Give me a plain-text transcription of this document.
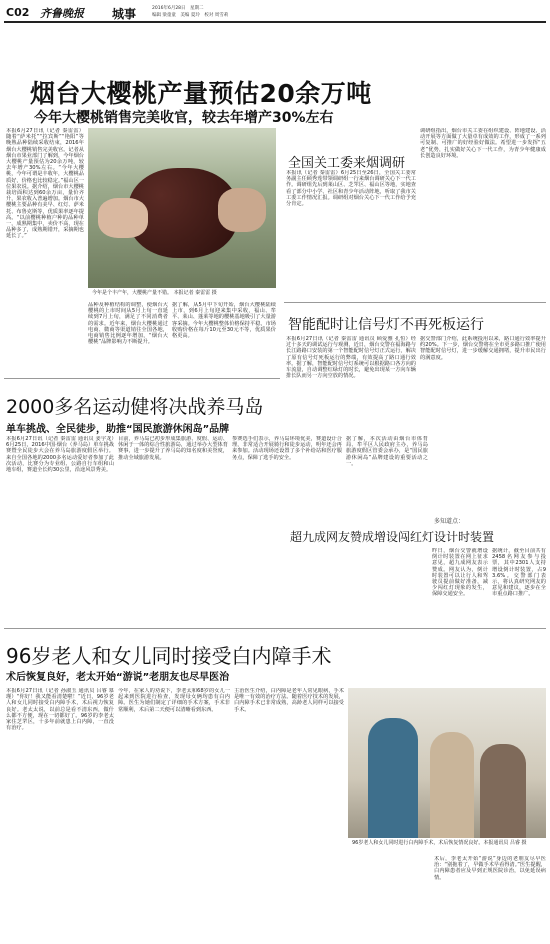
C02 齐鲁晚报 城事	2016年6月28日　星期二
编辑 梁童童　美编 夏玲　校对 周雪莉
烟台大樱桃产量预估20余万吨
今年大樱桃销售完美收官，较去年增产30%左右
本报6月27日讯（记者 秦雷雷）随着“萨米托”“拉宾斯”“艳阳”等晚熟品种陆续采收结束，2016年烟台大樱桃销售完美收官。记者从烟台市果业部门了解到，今年烟台大樱桃产量预估为20余万吨，较去年增产30%左右。“今年大樱桃，今年可谓是丰收年，大樱桃品质好，价格也比较稳定。”福山区一位果农说。据介绍，烟台市大樱桃栽培面积达到60余万亩，量价齐升，果农收入普遍增加。烟台市大樱桃主要品种有美早、红灯、萨米托、布鲁克斯等，优质果率逐年提高。“以前樱桃种植户种的品种单一，成熟期集中，卖价不高，现在品种多了，成熟期错开，采摘期也延长了。”
今年是个丰产年，大樱桃产量不错。 本报记者 秦雷雷 摄
品种及种植结构的调整，使烟台大樱桃的上市时间从5月上旬一直延续到7月上旬，满足了不同消费者的需求。近年来，烟台大樱桃通过电商、微商等渠道销往全国各地，电商销售比例逐年增加，“烟台大樱桃”品牌影响力不断提升。
据了解，从5月中下旬开始，烟台大樱桃陆续上市，到6月上旬迎来集中采收，福山、牟平、莱山、蓬莱等地的樱桃基地吸引了大量游客采摘。今年大樱桃整体价格保持平稳，市场收购价格在每斤10元至30元不等，优质果价格更高。
全国关工委来烟调研
本报讯（记者 秦雷雷）6月25日至26日，全国关工委常务副主任顾秀莲带领调研组一行来烟台调研关心下一代工作。调研组先后到莱山区、芝罘区、福山区等地，实地查看了部分中小学、社区和青少年活动阵地，听取了我市关工委工作情况汇报。调研组对烟台关心下一代工作给予充分肯定。
调研组指出，烟台市关工委在组织建设、阵地建设、活动开展等方面做了大量卓有成效的工作，形成了一系列可复制、可推广的好经验好做法。希望进一步发挥“五老”优势，扎实做好关心下一代工作，为青少年健康成长创造良好环境。
智能配时让信号灯不再死板运行
本报6月27日讯（记者 秦雷雷 通讯员 顾爱雅 孔恒）经过十多天的调试运行与观测，近日，烟台交警在福海路与长江路路口安装的第一个智能配时信号灯正式运行，解决了原有信号灯死板运行的弊端，有效提高了路口通行效率。据了解，智能配时信号灯系统可以根据路口各方向的车流量，自动调整红绿灯的时长，避免出现某一方向车辆排长队而另一方向空放的情况。
据交警部门介绍，此系统投用以来，路口通行效率提升约20%。下一步，烟台交警将在全市更多路口推广使用智能配时信号灯，进一步缓解交通拥堵，提升市民出行的满意度。
2000多名运动健将决战养马岛
单车挑战、全民徒步，助推“国民旅游休闲岛”品牌
本报6月27日讯（记者 秦雷雷 通讯员 姜宇龙）6月25日，2016中国·烟台（养马岛）单车挑战赛暨全民徒步大会在养马岛旅游度假区举行。来自全国各地的2000多名运动爱好者参加了此次活动，比赛分为专业组、公路自行车组和山地车组，赛道全长约30公里，沿途风景秀美。
目前，养马岛已初步形成集旅游、度假、运动、休闲于一体的综合性旅游岛，通过举办大型体育赛事，进一步提升了养马岛的知名度和美誉度，推动全域旅游发展。
参赛选手们表示，养马岛环境优美，赛道设计合理，非常适合开展骑行和徒步运动，明年还会再来参加。活动现场还设置了多个补给站和医疗服务点，保障了选手的安全。
据了解，本次活动由烟台市体育局、牟平区人民政府主办，养马岛旅游度假区管委会承办，是“国民旅游休闲岛”品牌建设的重要活动之一。
多知道点：
超九成网友赞成增设闯红灯设计时装置
昨日，烟台交警就增设倒计时装置在网上征求意见，超九成网友表示赞成。网友认为，倒计时装置可以让行人和驾驶员提前做好准备，减少闯红灯现象的发生，保障交通安全。
据统计，截至目前共有2458名网友参与投票，其中2301人支持增设倒计时装置，占93.6%。交警部门表示，将认真研究网友的意见和建议，逐步在全市重点路口推广。
96岁老人和女儿同时接受白内障手术
术后恢复良好，老太开始“游说”老朋友也尽早医治
本报6月27日讯（记者 孙淑玉 通讯员 吕睿 慕瑾）“你好！我又能看清楚啦！”近日，96岁老人和女儿同时接受白内障手术，术后视力恢复良好。老太太说，以前总是看不清东西，做什么都不方便，现在一切都好了。96岁的李老太家住芝罘区，十多年前就患上白内障，一直没有治疗。
今年，在家人的劝说下，李老太和68岁的女儿一起来到医院进行检查，发现母女俩均患有白内障。医生为她们制定了详细的手术方案，手术非常顺利，术后第二天便可以清晰看到东西。
主治医生介绍，白内障是老年人常见眼病，手术是唯一有效的治疗方法。随着医疗技术的发展，白内障手术已非常成熟，高龄老人同样可以接受手术。
96岁老人和女儿同时进行白内障手术，术后恢复情况良好。本报通讯员 吕睿 摄
术后，李老太开始“游说”身边的老朋友尽早医治：“别拖着了，早做手术早看得清。”医生提醒，白内障患者应及早到正规医院诊治，以免延误病情。
